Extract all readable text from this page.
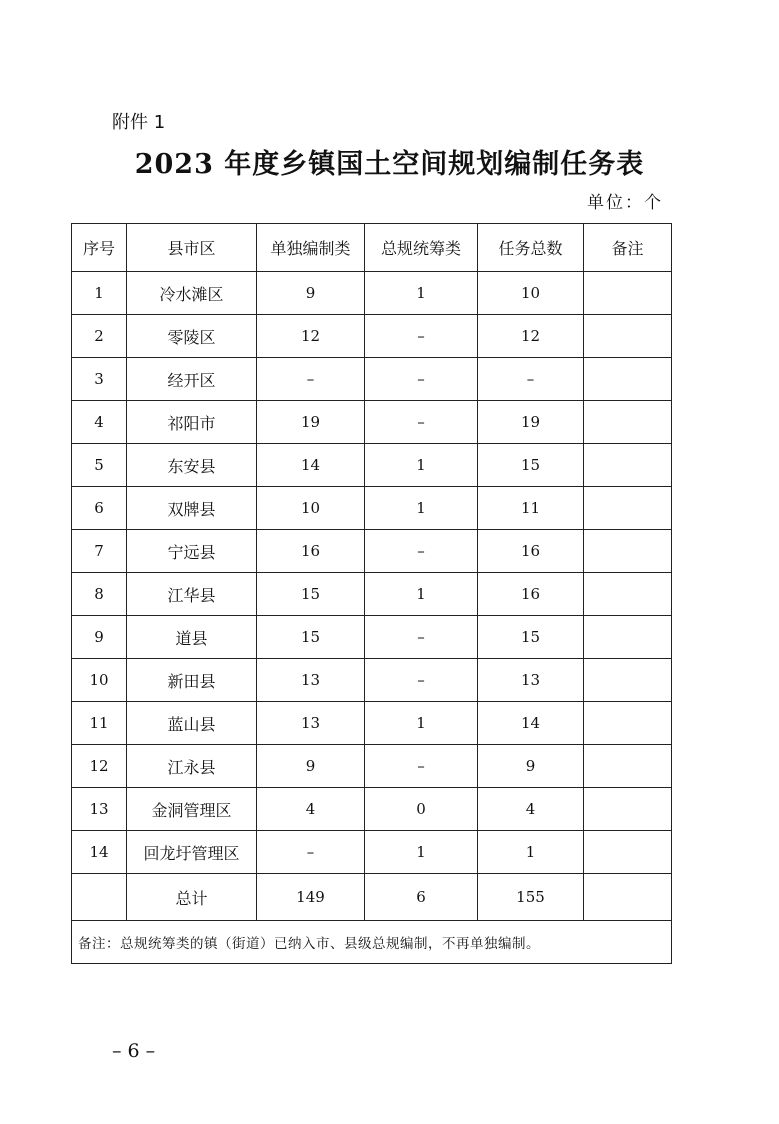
附件 1
2023 年度乡镇国土空间规划编制任务表
单位：个
序号	县市区	单独编制类	总规统筹类	任务总数	备注
1	冷水滩区	9	1	10	
2	零陵区	12	–	12	
3	经开区	–	–	–	
4	祁阳市	19	–	19	
5	东安县	14	1	15	
6	双牌县	10	1	11	
7	宁远县	16	–	16	
8	江华县	15	1	16	
9	道县	15	–	15	
10	新田县	13	–	13	
11	蓝山县	13	1	14	
12	江永县	9	–	9	
13	金洞管理区	4	0	4	
14	回龙圩管理区	–	1	1	
	总计	149	6	155	
备注：总规统筹类的镇（街道）已纳入市、县级总规编制，不再单独编制。					
– 6 –
